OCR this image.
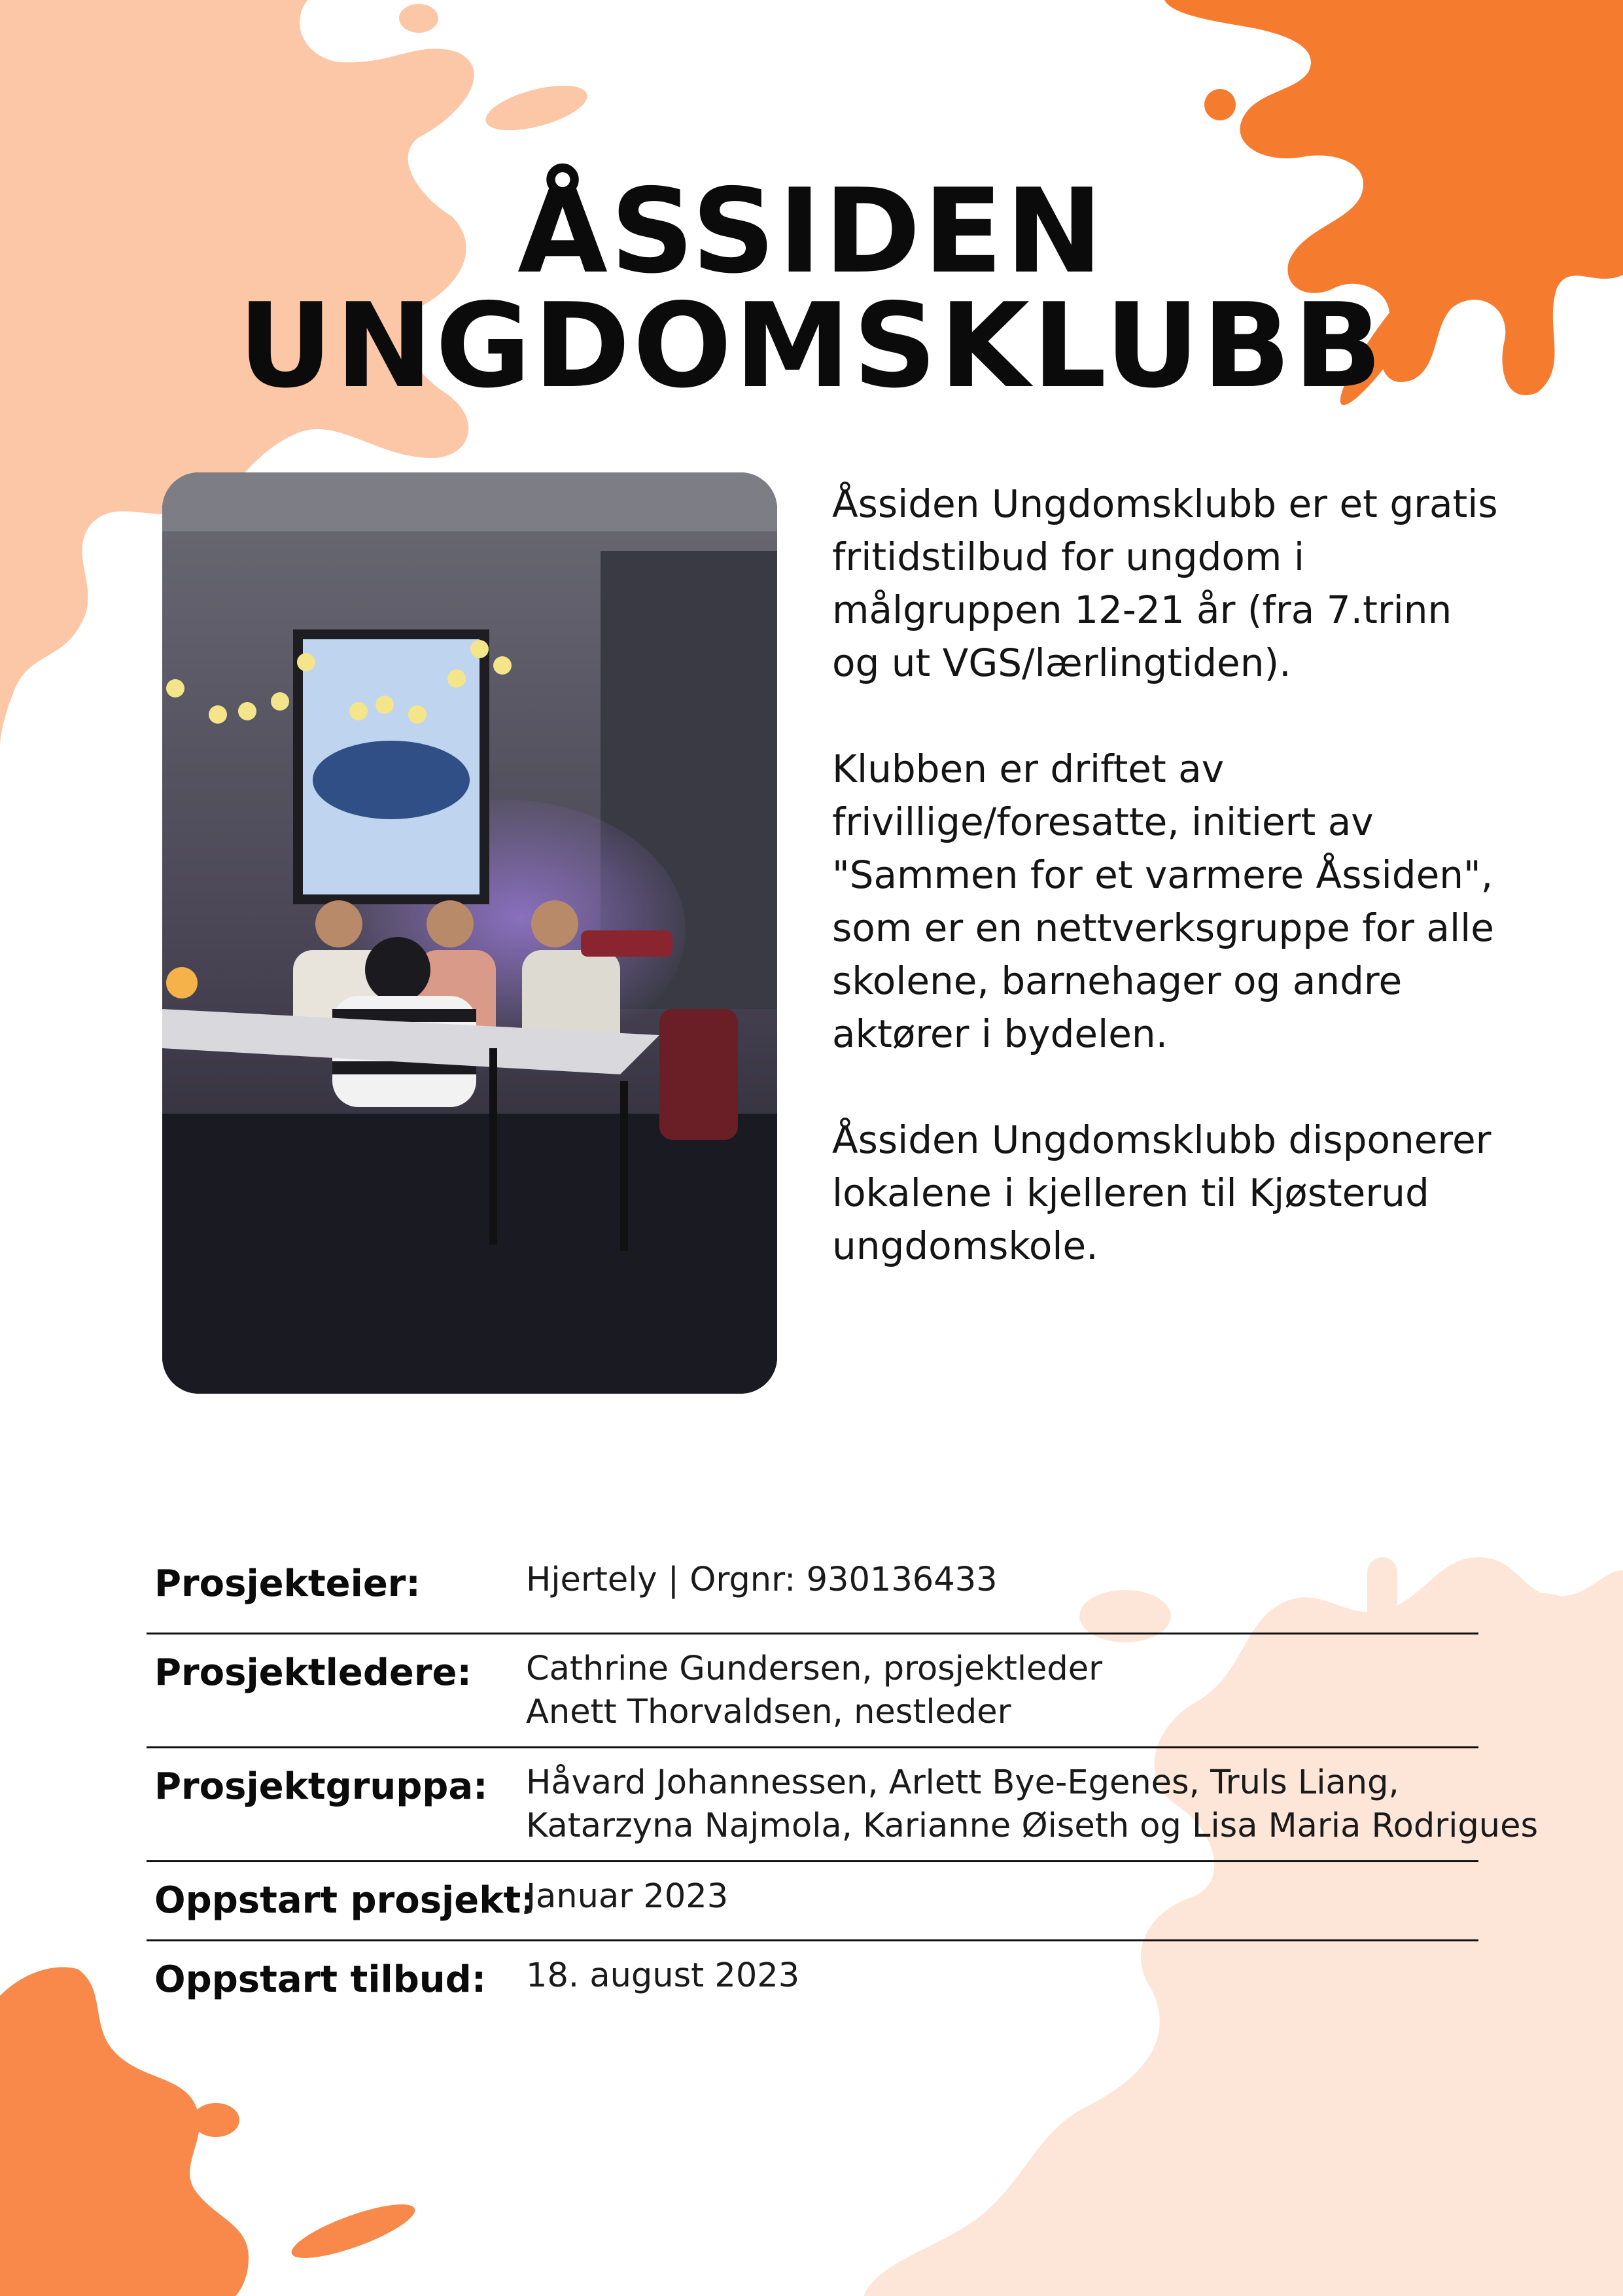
ÅSSIDEN
UNGDOMSKLUBB

Åssiden Ungdomsklubb er et gratis fritidstilbud for ungdom i målgruppen 12-21 år (fra 7.trinn og ut VGS/lærlingtiden).

Klubben er driftet av frivillige/foresatte, initiert av "Sammen for et varmere Åssiden", som er en nettverksgruppe for alle skolene, barnehager og andre aktører i bydelen.

Åssiden Ungdomsklubb disponerer lokalene i kjelleren til Kjøsterud ungdomskole.

Prosjekteier:	Hjertely | Orgnr: 930136433
Prosjektledere: Cathrine Gundersen, prosjektleder
Anett Thorvaldsen, nestleder
Prosjektgruppa: Håvard Johannessen, Arlett Bye-Egenes, Truls Liang,
Katarzyna Najmola, Karianne Øiseth og Lisa Maria Rodrigues
Oppstart prosjekt:
Januar 2023
Oppstart tilbud: 18. august 2023
